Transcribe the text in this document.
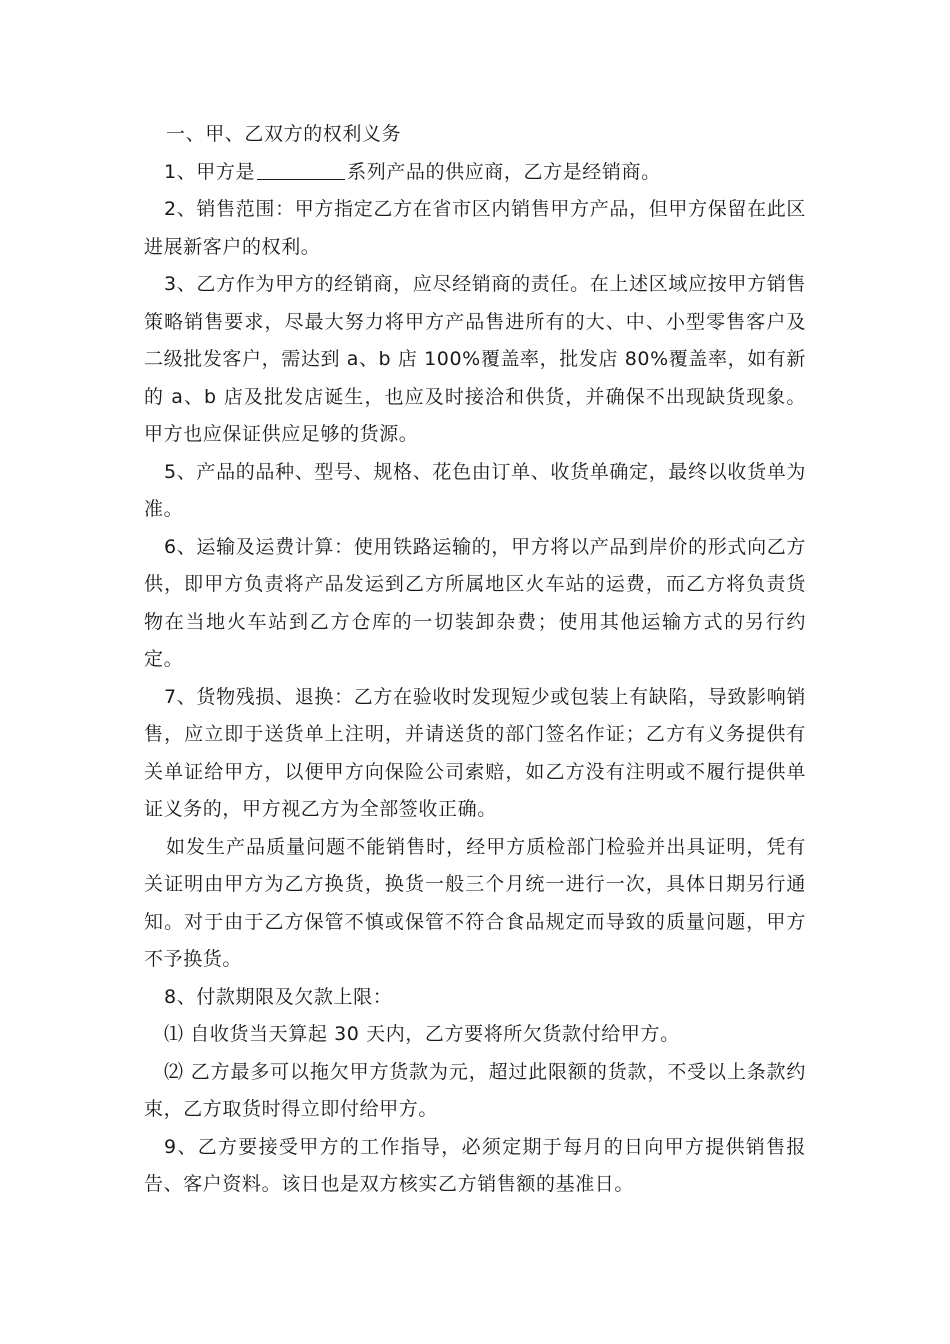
一、甲、乙双方的权利义务

1、甲方是	系列产品的供应商，乙方是经销商。

2、销售范围：甲方指定乙方在省市区内销售甲方产品，但甲方保留在此区进展新客户的权利。

3、乙方作为甲方的经销商，应尽经销商的责任。在上述区域应按甲方销售策略销售要求，尽最大努力将甲方产品售进所有的大、中、小型零售客户及二级批发客户，需达到 a、b 店 100%覆盖率，批发店 80%覆盖率，如有新的 a、b 店及批发店诞生，也应及时接洽和供货，并确保不出现缺货现象。甲方也应保证供应足够的货源。

5、产品的品种、型号、规格、花色由订单、收货单确定，最终以收货单为准。

6、运输及运费计算：使用铁路运输的，甲方将以产品到岸价的形式向乙方供，即甲方负责将产品发运到乙方所属地区火车站的运费，而乙方将负责货物在当地火车站到乙方仓库的一切装卸杂费；使用其他运输方式的另行约定。

7、货物残损、退换：乙方在验收时发现短少或包装上有缺陷，导致影响销售，应立即于送货单上注明，并请送货的部门签名作证；乙方有义务提供有关单证给甲方，以便甲方向保险公司索赔，如乙方没有注明或不履行提供单证义务的，甲方视乙方为全部签收正确。

如发生产品质量问题不能销售时，经甲方质检部门检验并出具证明，凭有关证明由甲方为乙方换货，换货一般三个月统一进行一次，具体日期另行通知。对于由于乙方保管不慎或保管不符合食品规定而导致的质量问题，甲方不予换货。

8、付款期限及欠款上限：

⑴ 自收货当天算起 30 天内，乙方要将所欠货款付给甲方。

⑵ 乙方最多可以拖欠甲方货款为元，超过此限额的货款，不受以上条款约束，乙方取货时得立即付给甲方。

9、乙方要接受甲方的工作指导，必须定期于每月的日向甲方提供销售报告、客户资料。该日也是双方核实乙方销售额的基准日。
